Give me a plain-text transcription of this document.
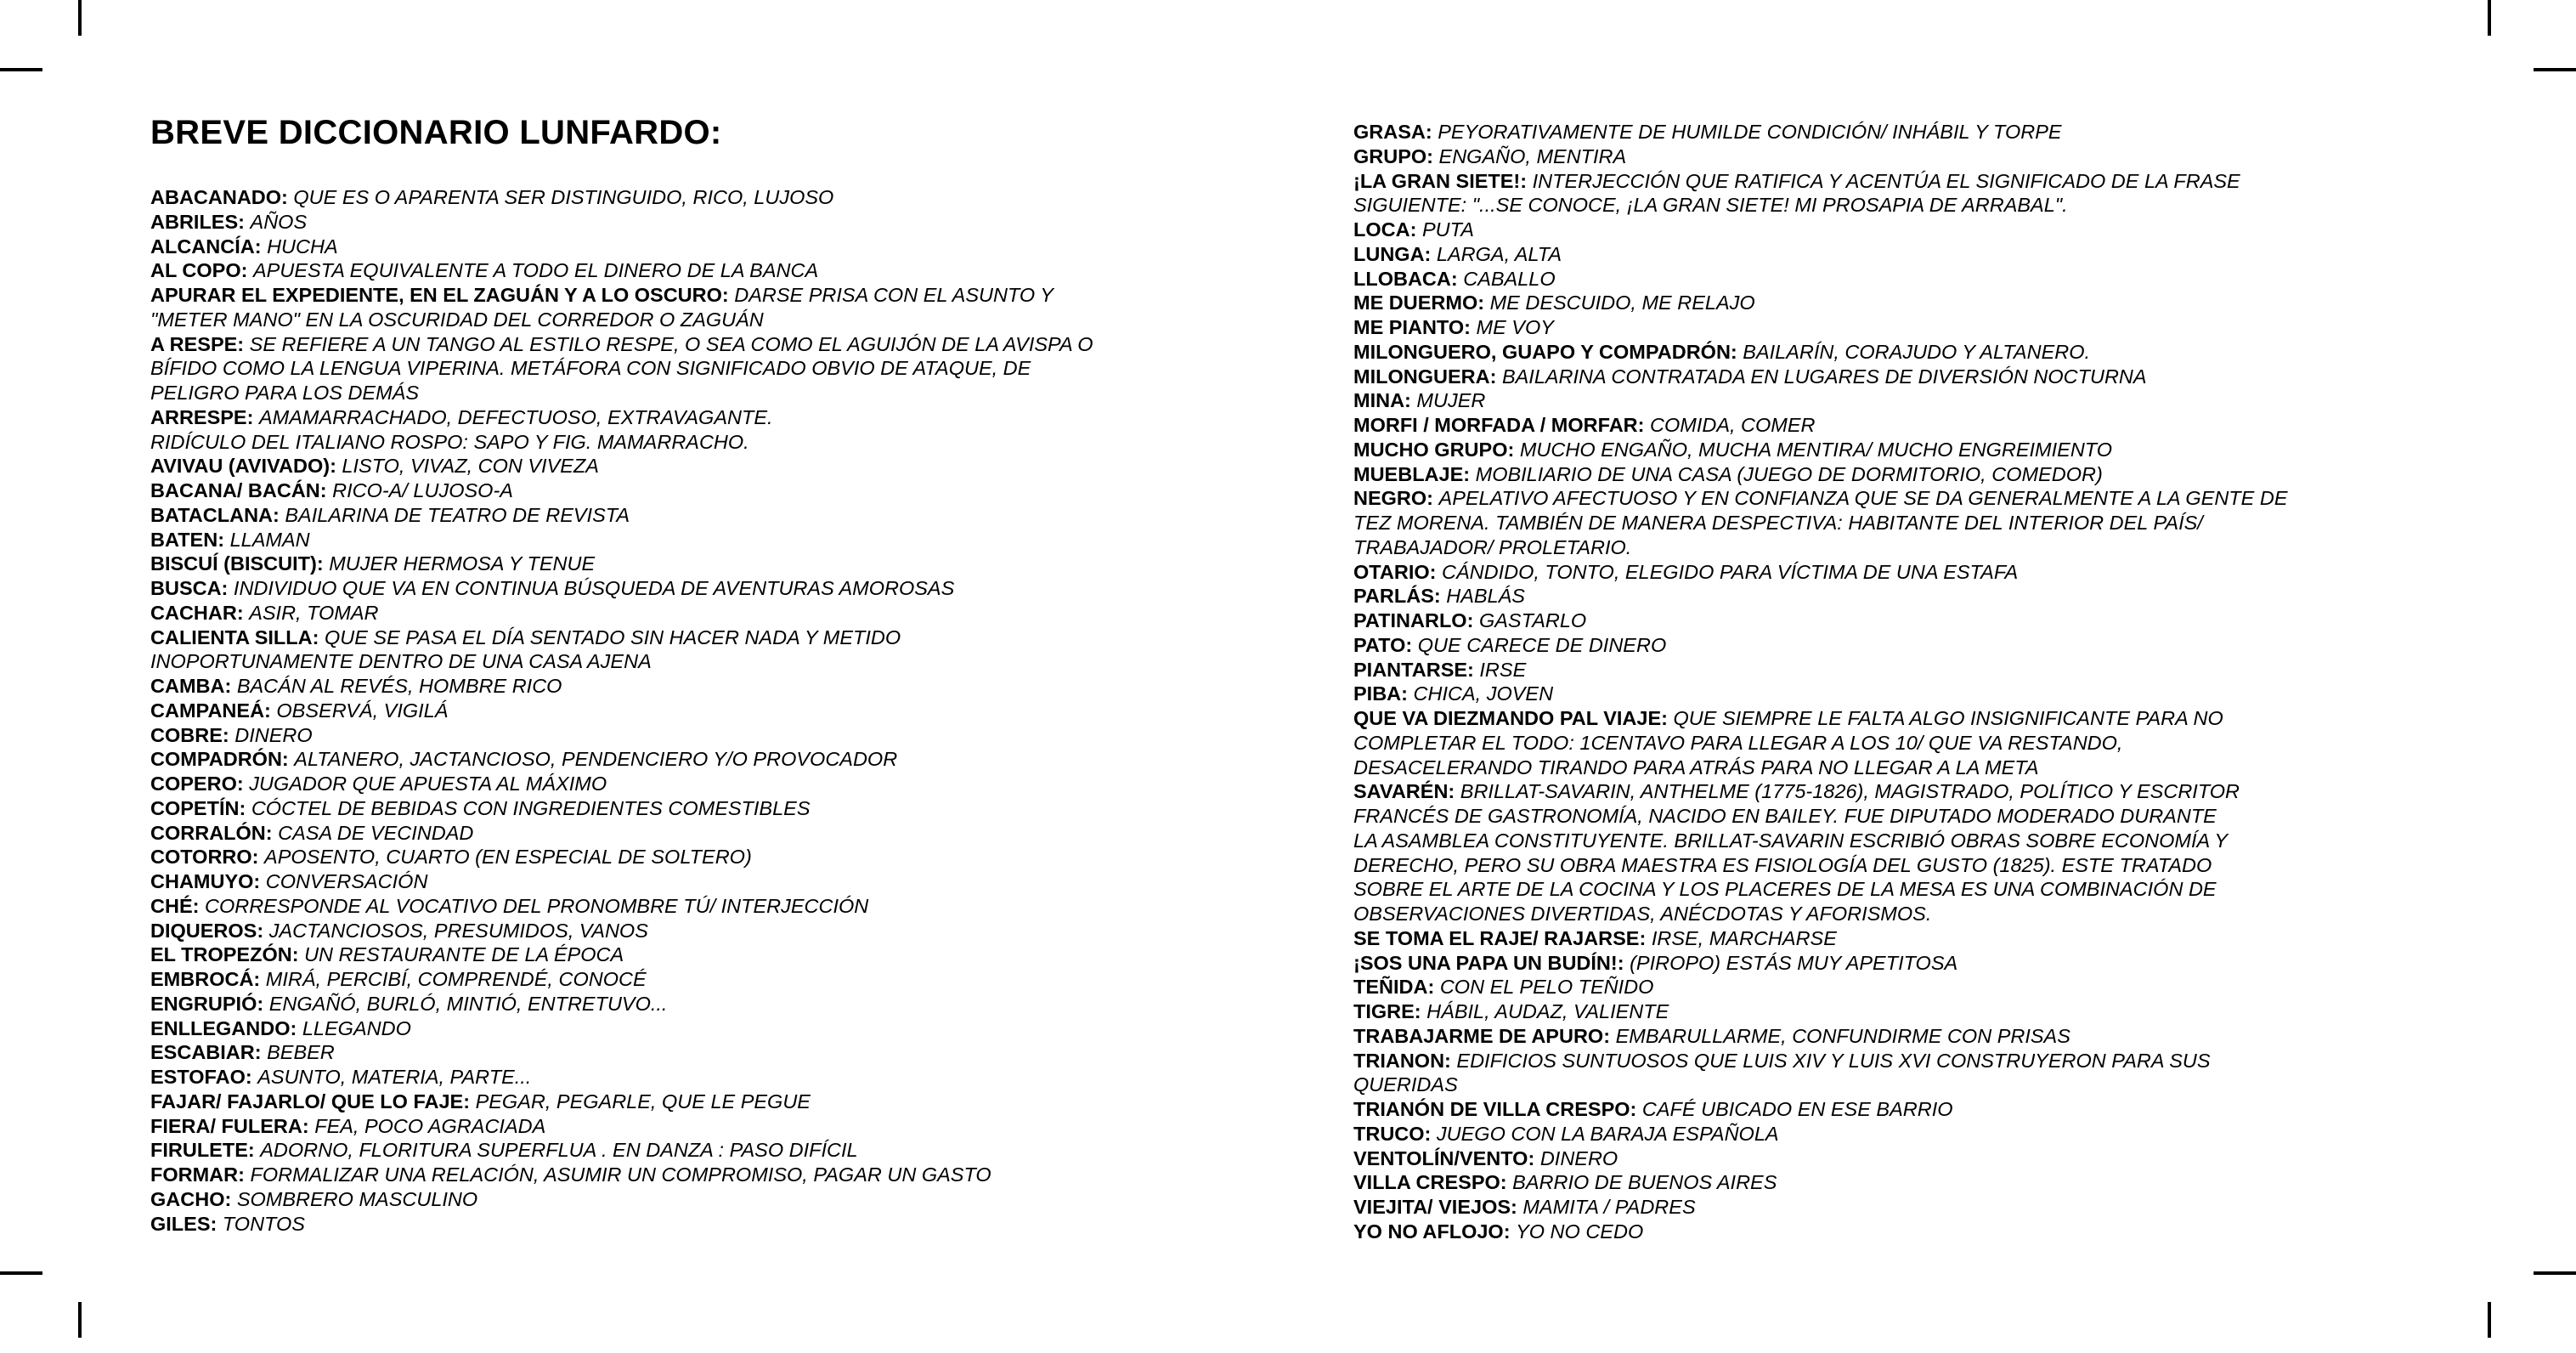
BREVE DICCIONARIO LUNFARDO:
ABACANADO: QUE ES O APARENTA SER DISTINGUIDO, RICO, LUJOSO
ABRILES: AÑOS
ALCANCÍA: HUCHA
AL COPO: APUESTA EQUIVALENTE A TODO EL DINERO DE LA BANCA
APURAR EL EXPEDIENTE, EN EL ZAGUÁN Y A LO OSCURO: DARSE PRISA CON EL ASUNTO Y
"METER MANO" EN LA OSCURIDAD DEL CORREDOR O ZAGUÁN
A RESPE: SE REFIERE A UN TANGO AL ESTILO RESPE, O SEA COMO EL AGUIJÓN DE LA AVISPA O
BÍFIDO COMO LA LENGUA VIPERINA. METÁFORA CON SIGNIFICADO OBVIO DE ATAQUE, DE
PELIGRO PARA LOS DEMÁS
ARRESPE: AMAMARRACHADO, DEFECTUOSO, EXTRAVAGANTE.
RIDÍCULO DEL ITALIANO ROSPO: SAPO Y FIG. MAMARRACHO.
AVIVAU (AVIVADO): LISTO, VIVAZ, CON VIVEZA
BACANA/ BACÁN: RICO-A/ LUJOSO-A
BATACLANA: BAILARINA DE TEATRO DE REVISTA
BATEN: LLAMAN
BISCUÍ (BISCUIT): MUJER HERMOSA Y TENUE
BUSCA: INDIVIDUO QUE VA EN CONTINUA BÚSQUEDA DE AVENTURAS AMOROSAS
CACHAR: ASIR, TOMAR
CALIENTA SILLA: QUE SE PASA EL DÍA SENTADO SIN HACER NADA Y METIDO
INOPORTUNAMENTE DENTRO DE UNA CASA AJENA
CAMBA: BACÁN AL REVÉS, HOMBRE RICO
CAMPANEÁ: OBSERVÁ, VIGILÁ
COBRE: DINERO
COMPADRÓN: ALTANERO, JACTANCIOSO, PENDENCIERO Y/O PROVOCADOR
COPERO: JUGADOR QUE APUESTA AL MÁXIMO
COPETÍN: CÓCTEL DE BEBIDAS CON INGREDIENTES COMESTIBLES
CORRALÓN: CASA DE VECINDAD
COTORRO: APOSENTO, CUARTO (EN ESPECIAL DE SOLTERO)
CHAMUYO: CONVERSACIÓN
CHÉ: CORRESPONDE AL VOCATIVO DEL PRONOMBRE TÚ/ INTERJECCIÓN
DIQUEROS: JACTANCIOSOS, PRESUMIDOS, VANOS
EL TROPEZÓN: UN RESTAURANTE DE LA ÉPOCA
EMBROCÁ: MIRÁ, PERCIBÍ, COMPRENDÉ, CONOCÉ
ENGRUPIÓ: ENGAÑÓ, BURLÓ, MINTIÓ, ENTRETUVO...
ENLLEGANDO: LLEGANDO
ESCABIAR: BEBER
ESTOFAO: ASUNTO, MATERIA, PARTE...
FAJAR/ FAJARLO/ QUE LO FAJE: PEGAR, PEGARLE, QUE LE PEGUE
FIERA/ FULERA: FEA, POCO AGRACIADA
FIRULETE: ADORNO, FLORITURA SUPERFLUA . EN DANZA : PASO DIFÍCIL
FORMAR: FORMALIZAR UNA RELACIÓN, ASUMIR UN COMPROMISO, PAGAR UN GASTO
GACHO: SOMBRERO MASCULINO
GILES: TONTOS
GRASA: PEYORATIVAMENTE DE HUMILDE CONDICIÓN/ INHÁBIL Y TORPE
GRUPO: ENGAÑO, MENTIRA
¡LA GRAN SIETE!: INTERJECCIÓN QUE RATIFICA Y ACENTÚA EL SIGNIFICADO DE LA FRASE
SIGUIENTE: "...SE CONOCE, ¡LA GRAN SIETE! MI PROSAPIA DE ARRABAL".
LOCA: PUTA
LUNGA: LARGA, ALTA
LLOBACA: CABALLO
ME DUERMO: ME DESCUIDO, ME RELAJO
ME PIANTO: ME VOY
MILONGUERO, GUAPO Y COMPADRÓN: BAILARÍN, CORAJUDO Y ALTANERO.
MILONGUERA: BAILARINA CONTRATADA EN LUGARES DE DIVERSIÓN NOCTURNA
MINA: MUJER
MORFI / MORFADA / MORFAR: COMIDA, COMER
MUCHO GRUPO: MUCHO ENGAÑO, MUCHA MENTIRA/ MUCHO ENGREIMIENTO
MUEBLAJE: MOBILIARIO DE UNA CASA (JUEGO DE DORMITORIO, COMEDOR)
NEGRO: APELATIVO AFECTUOSO Y EN CONFIANZA QUE SE DA GENERALMENTE A LA GENTE DE
TEZ MORENA. TAMBIÉN DE MANERA DESPECTIVA: HABITANTE DEL INTERIOR DEL PAÍS/
TRABAJADOR/ PROLETARIO.
OTARIO: CÁNDIDO, TONTO, ELEGIDO PARA VÍCTIMA DE UNA ESTAFA
PARLÁS: HABLÁS
PATINARLO: GASTARLO
PATO: QUE CARECE DE DINERO
PIANTARSE: IRSE
PIBA: CHICA, JOVEN
QUE VA DIEZMANDO PAL VIAJE: QUE SIEMPRE LE FALTA ALGO INSIGNIFICANTE PARA NO
COMPLETAR EL TODO: 1CENTAVO PARA LLEGAR A LOS 10/ QUE VA RESTANDO,
DESACELERANDO TIRANDO PARA ATRÁS PARA NO LLEGAR A LA META
SAVARÉN: BRILLAT-SAVARIN, ANTHELME (1775-1826), MAGISTRADO, POLÍTICO Y ESCRITOR
FRANCÉS DE GASTRONOMÍA, NACIDO EN BAILEY. FUE DIPUTADO MODERADO DURANTE
LA ASAMBLEA CONSTITUYENTE. BRILLAT-SAVARIN ESCRIBIÓ OBRAS SOBRE ECONOMÍA Y
DERECHO, PERO SU OBRA MAESTRA ES FISIOLOGÍA DEL GUSTO (1825). ESTE TRATADO
SOBRE EL ARTE DE LA COCINA Y LOS PLACERES DE LA MESA ES UNA COMBINACIÓN DE
OBSERVACIONES DIVERTIDAS, ANÉCDOTAS Y AFORISMOS.
SE TOMA EL RAJE/ RAJARSE: IRSE, MARCHARSE
¡SOS UNA PAPA UN BUDÍN!: (PIROPO) ESTÁS MUY APETITOSA
TEÑIDA: CON EL PELO TEÑIDO
TIGRE: HÁBIL, AUDAZ, VALIENTE
TRABAJARME DE APURO: EMBARULLARME, CONFUNDIRME CON PRISAS
TRIANON: EDIFICIOS SUNTUOSOS QUE LUIS XIV Y LUIS XVI CONSTRUYERON PARA SUS
QUERIDAS
TRIANÓN DE VILLA CRESPO: CAFÉ UBICADO EN ESE BARRIO
TRUCO: JUEGO CON LA BARAJA ESPAÑOLA
VENTOLÍN/VENTO: DINERO
VILLA CRESPO: BARRIO DE BUENOS AIRES
VIEJITA/ VIEJOS: MAMITA / PADRES
YO NO AFLOJO: YO NO CEDO
